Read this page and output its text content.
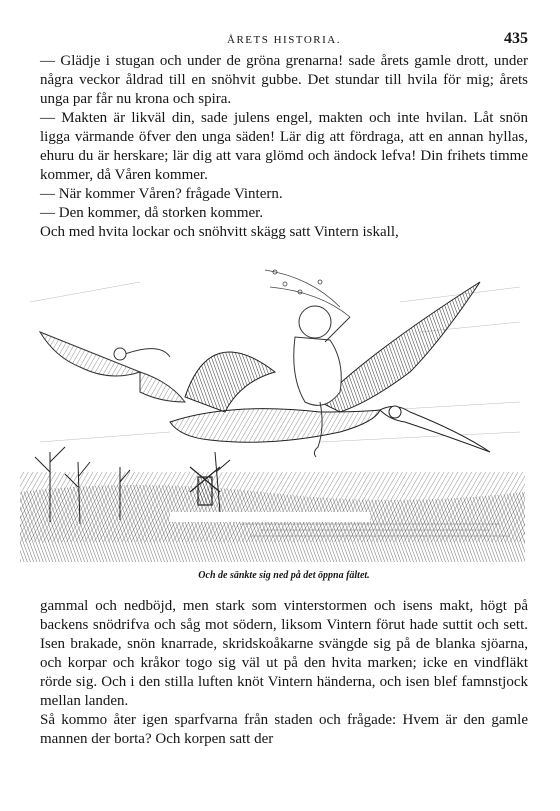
ÅRETS HISTORIA.	435

— Glädje i stugan och under de gröna grenarna! sade årets gamle drott, under några veckor åldrad till en snöhvit gubbe. Det stundar till hvila för mig; årets unga par får nu krona och spira.

— Makten är likväl din, sade julens engel, makten och inte hvilan. Låt snön ligga värmande öfver den unga säden! Lär dig att fördraga, att en annan hyllas, ehuru du är herskare; lär dig att vara glömd och ändock lefva! Din frihets timme kommer, då Våren kommer.

— När kommer Våren? frågade Vintern.

— Den kommer, då storken kommer.

Och med hvita lockar och snöhvitt skägg satt Vintern iskall,

Och de sänkte sig ned på det öppna fältet.

gammal och nedböjd, men stark som vinterstormen och isens makt, högt på backens snödrifva och såg mot södern, liksom Vintern förut hade suttit och sett. Isen brakade, snön knarrade, skridskoåkarne svängde sig på de blanka sjöarna, och korpar och kråkor togo sig väl ut på den hvita marken; icke en vindfläkt rörde sig. Och i den stilla luften knöt Vintern händerna, och isen blef famnstjock mellan landen.

Så kommo åter igen sparfvarna från staden och frågade: Hvem är den gamle mannen der borta? Och korpen satt der
